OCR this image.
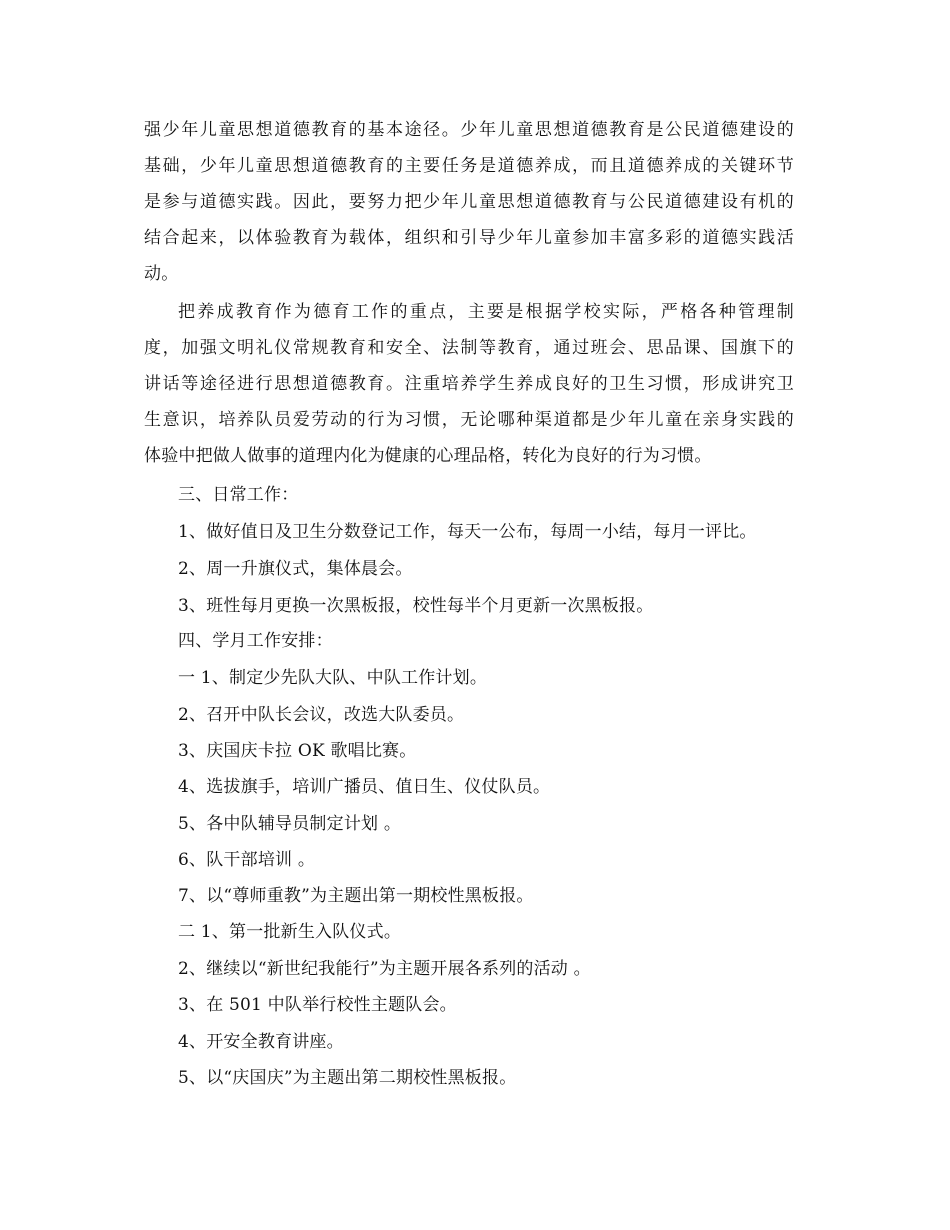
强少年儿童思想道德教育的基本途径。少年儿童思想道德教育是公民道德建设的
基础，少年儿童思想道德教育的主要任务是道德养成，而且道德养成的关键环节
是参与道德实践。因此，要努力把少年儿童思想道德教育与公民道德建设有机的
结合起来，以体验教育为载体，组织和引导少年儿童参加丰富多彩的道德实践活
动。
把养成教育作为德育工作的重点，主要是根据学校实际，严格各种管理制
度，加强文明礼仪常规教育和安全、法制等教育，通过班会、思品课、国旗下的
讲话等途径进行思想道德教育。注重培养学生养成良好的卫生习惯，形成讲究卫
生意识，培养队员爱劳动的行为习惯，无论哪种渠道都是少年儿童在亲身实践的
体验中把做人做事的道理内化为健康的心理品格，转化为良好的行为习惯。
三、日常工作：
1、做好值日及卫生分数登记工作，每天一公布，每周一小结，每月一评比。
2、周一升旗仪式，集体晨会。
3、班性每月更换一次黑板报，校性每半个月更新一次黑板报。
四、学月工作安排：
一 1、制定少先队大队、中队工作计划。
2、召开中队长会议，改选大队委员。
3、庆国庆卡拉 OK 歌唱比赛。
4、选拔旗手，培训广播员、值日生、仪仗队员。
5、各中队辅导员制定计划 。
6、队干部培训 。
7、以“尊师重教”为主题出第一期校性黑板报。
二 1、第一批新生入队仪式。
2、继续以“新世纪我能行”为主题开展各系列的活动 。
3、在 501 中队举行校性主题队会。
4、开安全教育讲座。
5、以“庆国庆”为主题出第二期校性黑板报。
